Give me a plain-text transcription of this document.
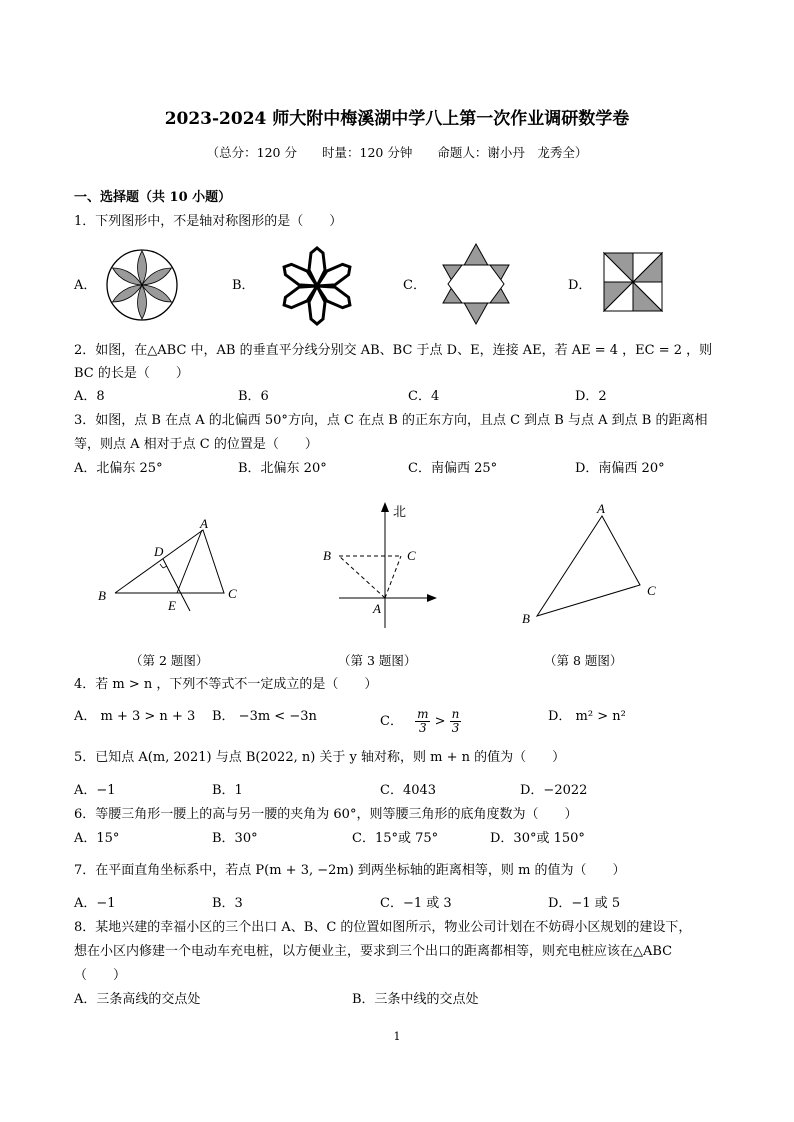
2023-2024 师大附中梅溪湖中学八上第一次作业调研数学卷
（总分：120 分　　时量：120 分钟　　命题人：谢小丹　龙秀全）
一、选择题（共 10 小题）
1．下列图形中，不是轴对称图形的是（　　）
A．	B．	C．	D．
2．如图，在△ABC 中，AB 的垂直平分线分别交 AB、BC 于点 D、E，连接 AE，若 AE = 4 ，EC = 2 ，则
BC 的长是（　　）
A．8	B．6	C．4	D．2
3．如图，点 B 在点 A 的北偏西 50°方向，点 C 在点 B 的正东方向，且点 C 到点 B 与点 A 到点 B 的距离相
等，则点 A 相对于点 C 的位置是（　　）
A．北偏东 25°	B．北偏东 20°	C．南偏西 25°	D．南偏西 20°
A
B	C
D
E
（第 2 题图）
北
B	C
A
（第 3 题图）
A
B
C
（第 8 题图）
4．若 m > n ，下列不等式不一定成立的是（　　）
A． m + 3 > n + 3 B． −3m < −3n	C． $\frac{m}{3} > \frac{n}{3}$	D． m² > n²
5．已知点 A(m, 2021) 与点 B(2022, n) 关于 y 轴对称，则 m + n 的值为（　　）
A．−1	B．1	C．4043	D．−2022
6．等腰三角形一腰上的高与另一腰的夹角为 60°，则等腰三角形的底角度数为（　　）
A．15°	B．30°	C．15°或 75°	D．30°或 150°
7．在平面直角坐标系中，若点 P(m + 3, −2m) 到两坐标轴的距离相等，则 m 的值为（　　）
A．−1	B．3	C．−1 或 3	D．−1 或 5
8．某地兴建的幸福小区的三个出口 A、B、C 的位置如图所示，物业公司计划在不妨碍小区规划的建设下，
想在小区内修建一个电动车充电桩，以方便业主，要求到三个出口的距离都相等，则充电桩应该在△ABC
（　　）
A．三条高线的交点处	B．三条中线的交点处
1
